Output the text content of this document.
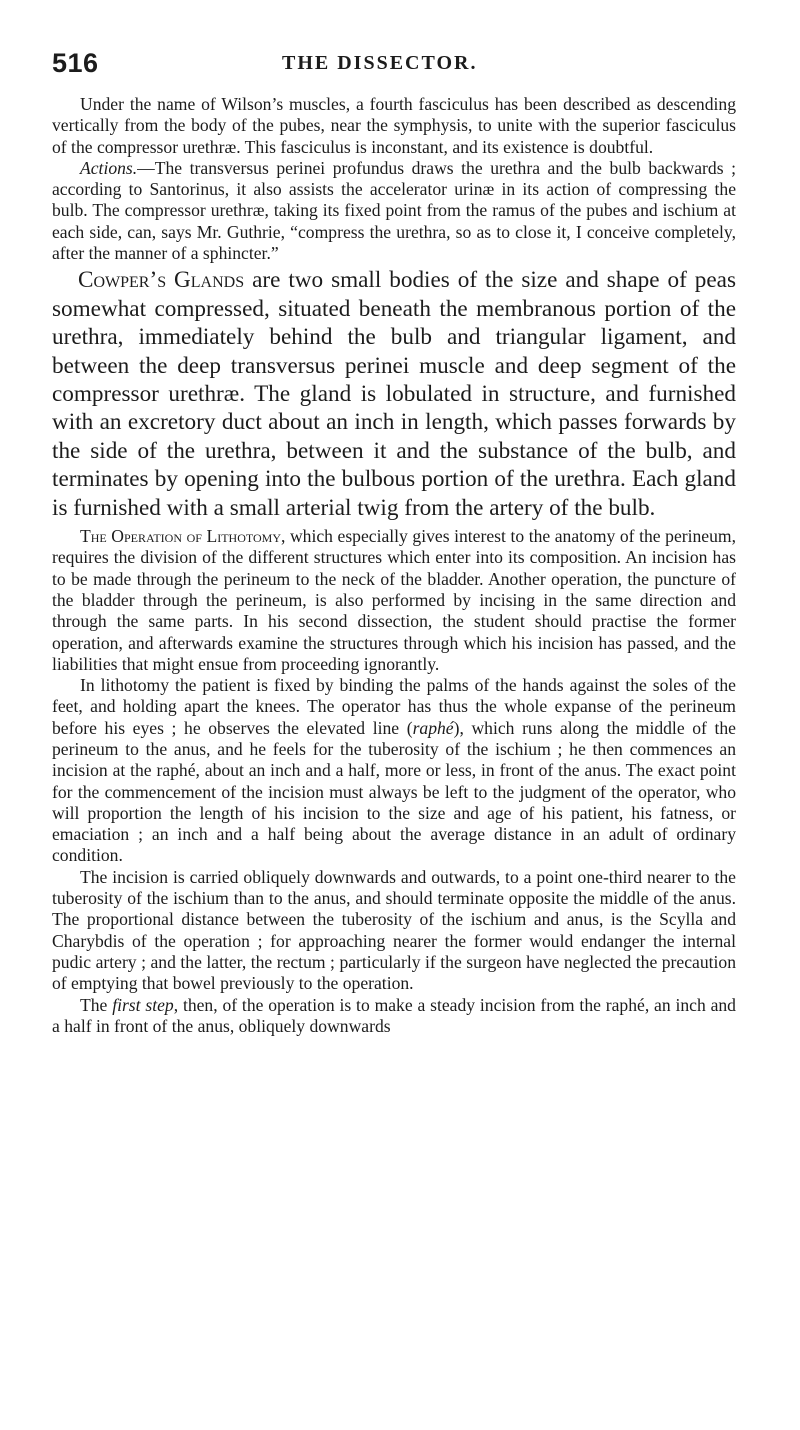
516	THE DISSECTOR.

Under the name of Wilson’s muscles, a fourth fasciculus has been described as descending vertically from the body of the pubes, near the symphysis, to unite with the superior fasciculus of the compressor urethræ. This fasciculus is inconstant, and its existence is doubtful.

Actions.—The transversus perinei profundus draws the urethra and the bulb backwards ; according to Santorinus, it also assists the accelerator urinæ in its action of compressing the bulb. The compressor urethræ, taking its fixed point from the ramus of the pubes and ischium at each side, can, says Mr. Guthrie, “compress the urethra, so as to close it, I conceive completely, after the manner of a sphincter.”

Cowper’s Glands are two small bodies of the size and shape of peas somewhat compressed, situated beneath the membranous portion of the urethra, immediately behind the bulb and triangular ligament, and between the deep transversus perinei muscle and deep segment of the compressor urethræ. The gland is lobulated in structure, and furnished with an excretory duct about an inch in length, which passes forwards by the side of the urethra, between it and the substance of the bulb, and terminates by opening into the bulbous portion of the urethra. Each gland is furnished with a small arterial twig from the artery of the bulb.

The Operation of Lithotomy, which especially gives interest to the anatomy of the perineum, requires the division of the different structures which enter into its composition. An incision has to be made through the perineum to the neck of the bladder. Another operation, the puncture of the bladder through the perineum, is also performed by incising in the same direction and through the same parts. In his second dissection, the student should practise the former operation, and afterwards examine the structures through which his incision has passed, and the liabilities that might ensue from proceeding ignorantly.

In lithotomy the patient is fixed by binding the palms of the hands against the soles of the feet, and holding apart the knees. The operator has thus the whole expanse of the perineum before his eyes ; he observes the elevated line (raphé), which runs along the middle of the perineum to the anus, and he feels for the tuberosity of the ischium ; he then commences an incision at the raphé, about an inch and a half, more or less, in front of the anus. The exact point for the commencement of the incision must always be left to the judgment of the operator, who will proportion the length of his incision to the size and age of his patient, his fatness, or emaciation ; an inch and a half being about the average distance in an adult of ordinary condition.

The incision is carried obliquely downwards and outwards, to a point one-third nearer to the tuberosity of the ischium than to the anus, and should terminate opposite the middle of the anus. The proportional distance between the tuberosity of the ischium and anus, is the Scylla and Charybdis of the operation ; for approaching nearer the former would endanger the internal pudic artery ; and the latter, the rectum ; particularly if the surgeon have neglected the precaution of emptying that bowel previously to the operation.

The first step, then, of the operation is to make a steady incision from the raphé, an inch and a half in front of the anus, obliquely downwards
